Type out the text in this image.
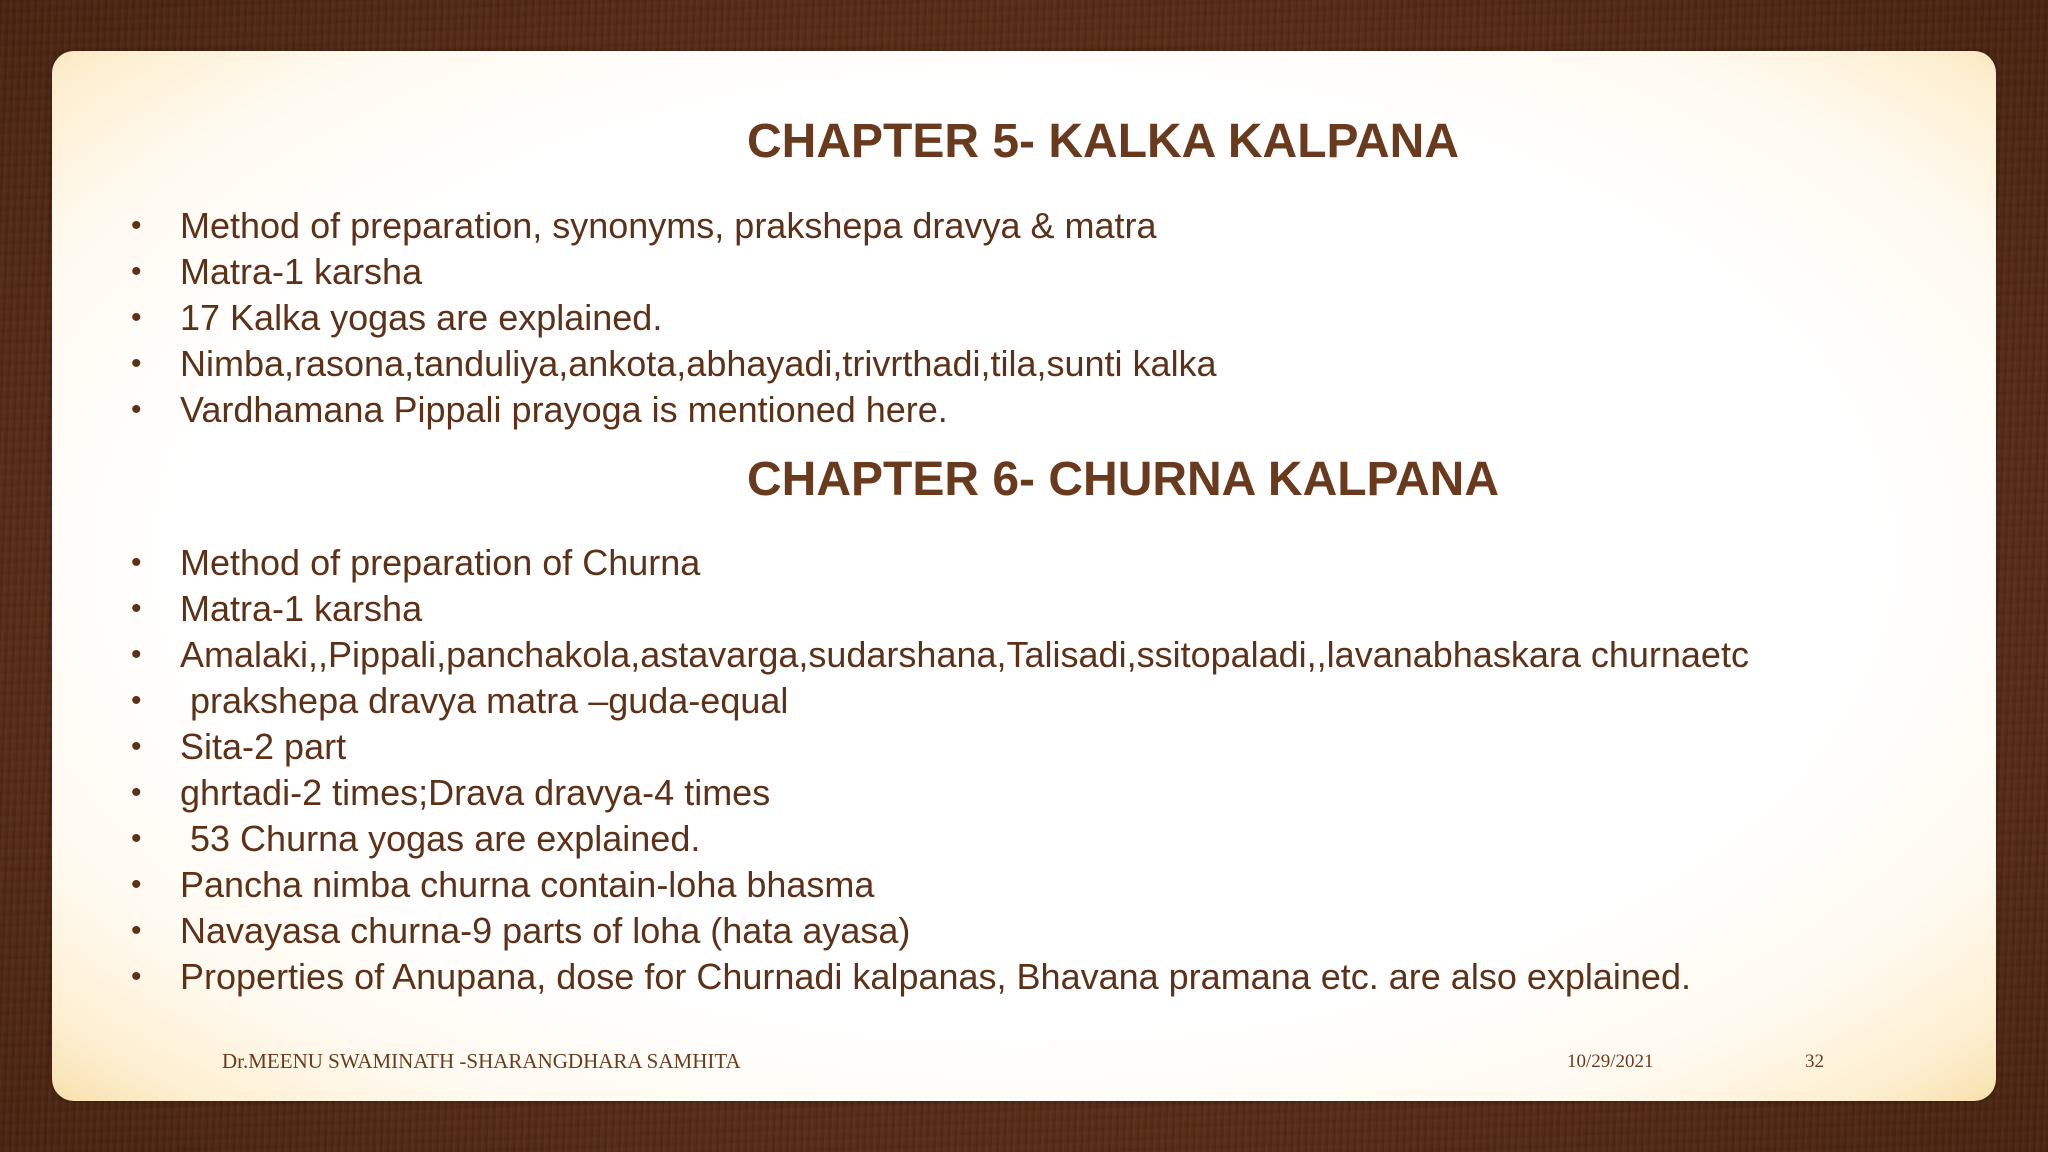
CHAPTER 5- KALKA KALPANA
• Method of preparation, synonyms, prakshepa dravya & matra
• Matra-1 karsha
• 17 Kalka yogas are explained.
• Nimba,rasona,tanduliya,ankota,abhayadi,trivrthadi,tila,sunti kalka
• Vardhamana Pippali prayoga is mentioned here.
CHAPTER 6- CHURNA KALPANA
• Method of preparation of Churna
• Matra-1 karsha
• Amalaki,,Pippali,panchakola,astavarga,sudarshana,Talisadi,ssitopaladi,,lavanabhaskara churnaetc
• prakshepa dravya matra –guda-equal
• Sita-2 part
• ghrtadi-2 times;Drava dravya-4 times
• 53 Churna yogas are explained.
• Pancha nimba churna contain-loha bhasma
• Navayasa churna-9 parts of loha (hata ayasa)
• Properties of Anupana, dose for Churnadi kalpanas, Bhavana pramana etc. are also explained.
Dr.MEENU SWAMINATH -SHARANGDHARA SAMHITA	10/29/2021	32
